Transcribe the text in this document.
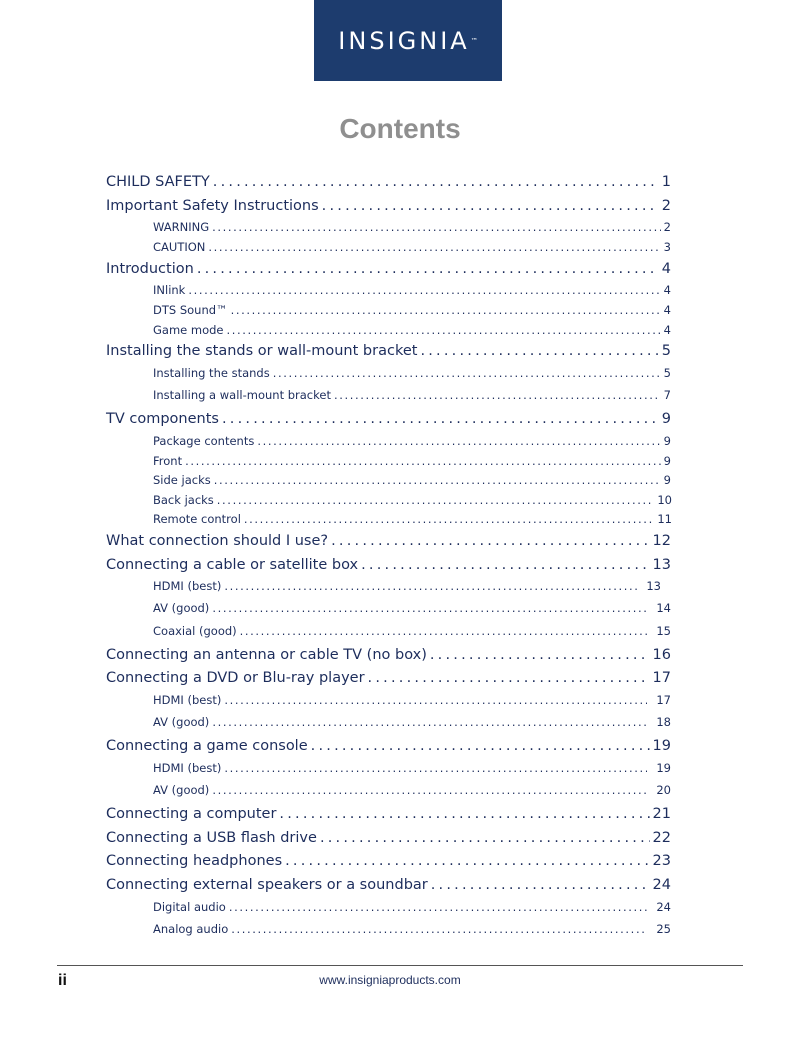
INSIGNIA ™
Contents
CHILD SAFETY .....	1
Important Safety Instructions .....	2
WARNING .....	2
CAUTION .....	3
Introduction .....	4
INlink .....	4
DTS Sound™ .....	4
Game mode .....	4
Installing the stands or wall-mount bracket .....	5
Installing the stands .....	5
Installing a wall-mount bracket .....	7
TV components .....	9
Package contents .....	9
Front .....	9
Side jacks .....	9
Back jacks .....	10
Remote control .....	11
What connection should I use? .....	12
Connecting a cable or satellite box .....	13
HDMI (best) .....	13
AV (good) .....	14
Coaxial (good) .....	15
Connecting an antenna or cable TV (no box) .....	16
Connecting a DVD or Blu-ray player .....	17
HDMI (best) .....	17
AV (good) .....	18
Connecting a game console .....	19
HDMI (best) .....	19
AV (good) .....	20
Connecting a computer .....	21
Connecting a USB flash drive .....	22
Connecting headphones .....	23
Connecting external speakers or a soundbar .....	24
Digital audio .....	24
Analog audio .....	25
ii	www.insigniaproducts.com
